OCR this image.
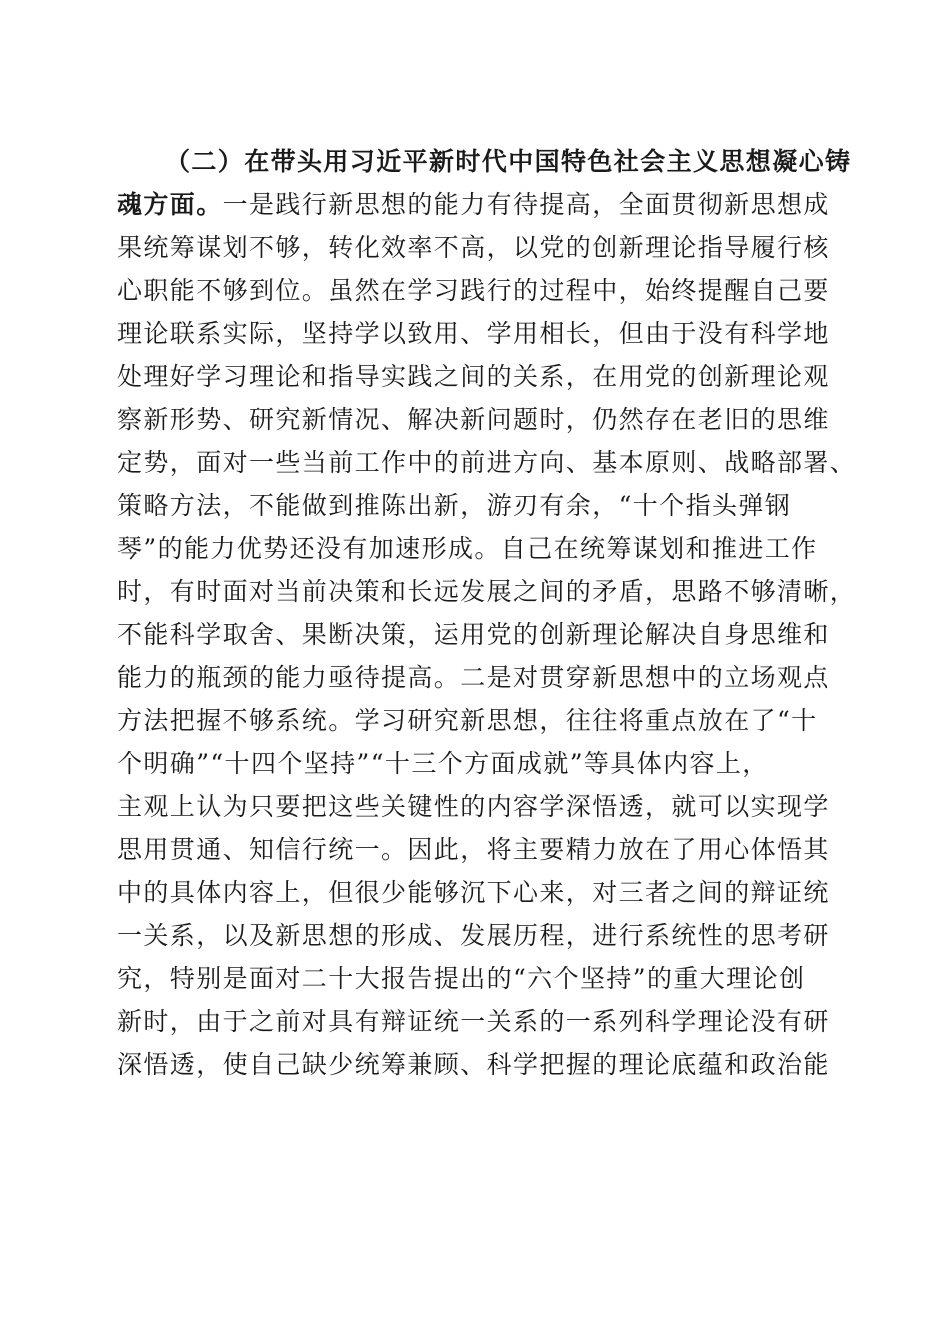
（二）在带头用习近平新时代中国特色社会主义思想凝心铸
魂方面。一是践行新思想的能力有待提高，全面贯彻新思想成
果统筹谋划不够，转化效率不高，以党的创新理论指导履行核
心职能不够到位。虽然在学习践行的过程中，始终提醒自己要
理论联系实际，坚持学以致用、学用相长，但由于没有科学地
处理好学习理论和指导实践之间的关系，在用党的创新理论观
察新形势、研究新情况、解决新问题时，仍然存在老旧的思维
定势，面对一些当前工作中的前进方向、基本原则、战略部署、
策略方法，不能做到推陈出新，游刃有余，“十个指头弹钢
琴”的能力优势还没有加速形成。自己在统筹谋划和推进工作
时，有时面对当前决策和长远发展之间的矛盾，思路不够清晰，
不能科学取舍、果断决策，运用党的创新理论解决自身思维和
能力的瓶颈的能力亟待提高。二是对贯穿新思想中的立场观点
方法把握不够系统。学习研究新思想，往往将重点放在了“十
个明确”“十四个坚持”“十三个方面成就”等具体内容上，
主观上认为只要把这些关键性的内容学深悟透，就可以实现学
思用贯通、知信行统一。因此，将主要精力放在了用心体悟其
中的具体内容上，但很少能够沉下心来，对三者之间的辩证统
一关系，以及新思想的形成、发展历程，进行系统性的思考研
究，特别是面对二十大报告提出的“六个坚持”的重大理论创
新时，由于之前对具有辩证统一关系的一系列科学理论没有研
深悟透，使自己缺少统筹兼顾、科学把握的理论底蕴和政治能
